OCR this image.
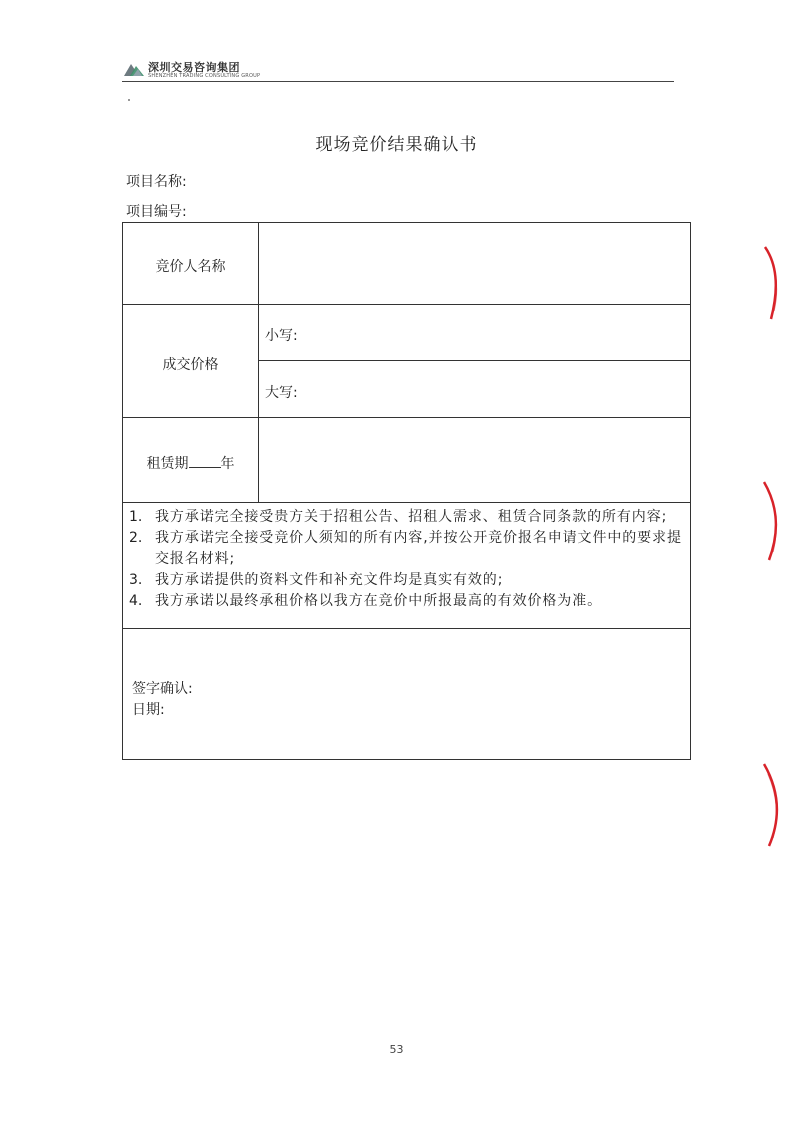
深圳交易咨询集团
SHENZHEN TRADING CONSULTING GROUP
现场竞价结果确认书
项目名称:
项目编号:
竞价人名称
成交价格
小写:
大写:
租赁期 年
1. 我方承诺完全接受贵方关于招租公告、招租人需求、租赁合同条款的所有内容;
2. 我方承诺完全接受竞价人须知的所有内容,并按公开竞价报名申请文件中的要求提交报名材料;
3. 我方承诺提供的资料文件和补充文件均是真实有效的;
4. 我方承诺以最终承租价格以我方在竞价中所报最高的有效价格为准。
签字确认:
日期:
53
